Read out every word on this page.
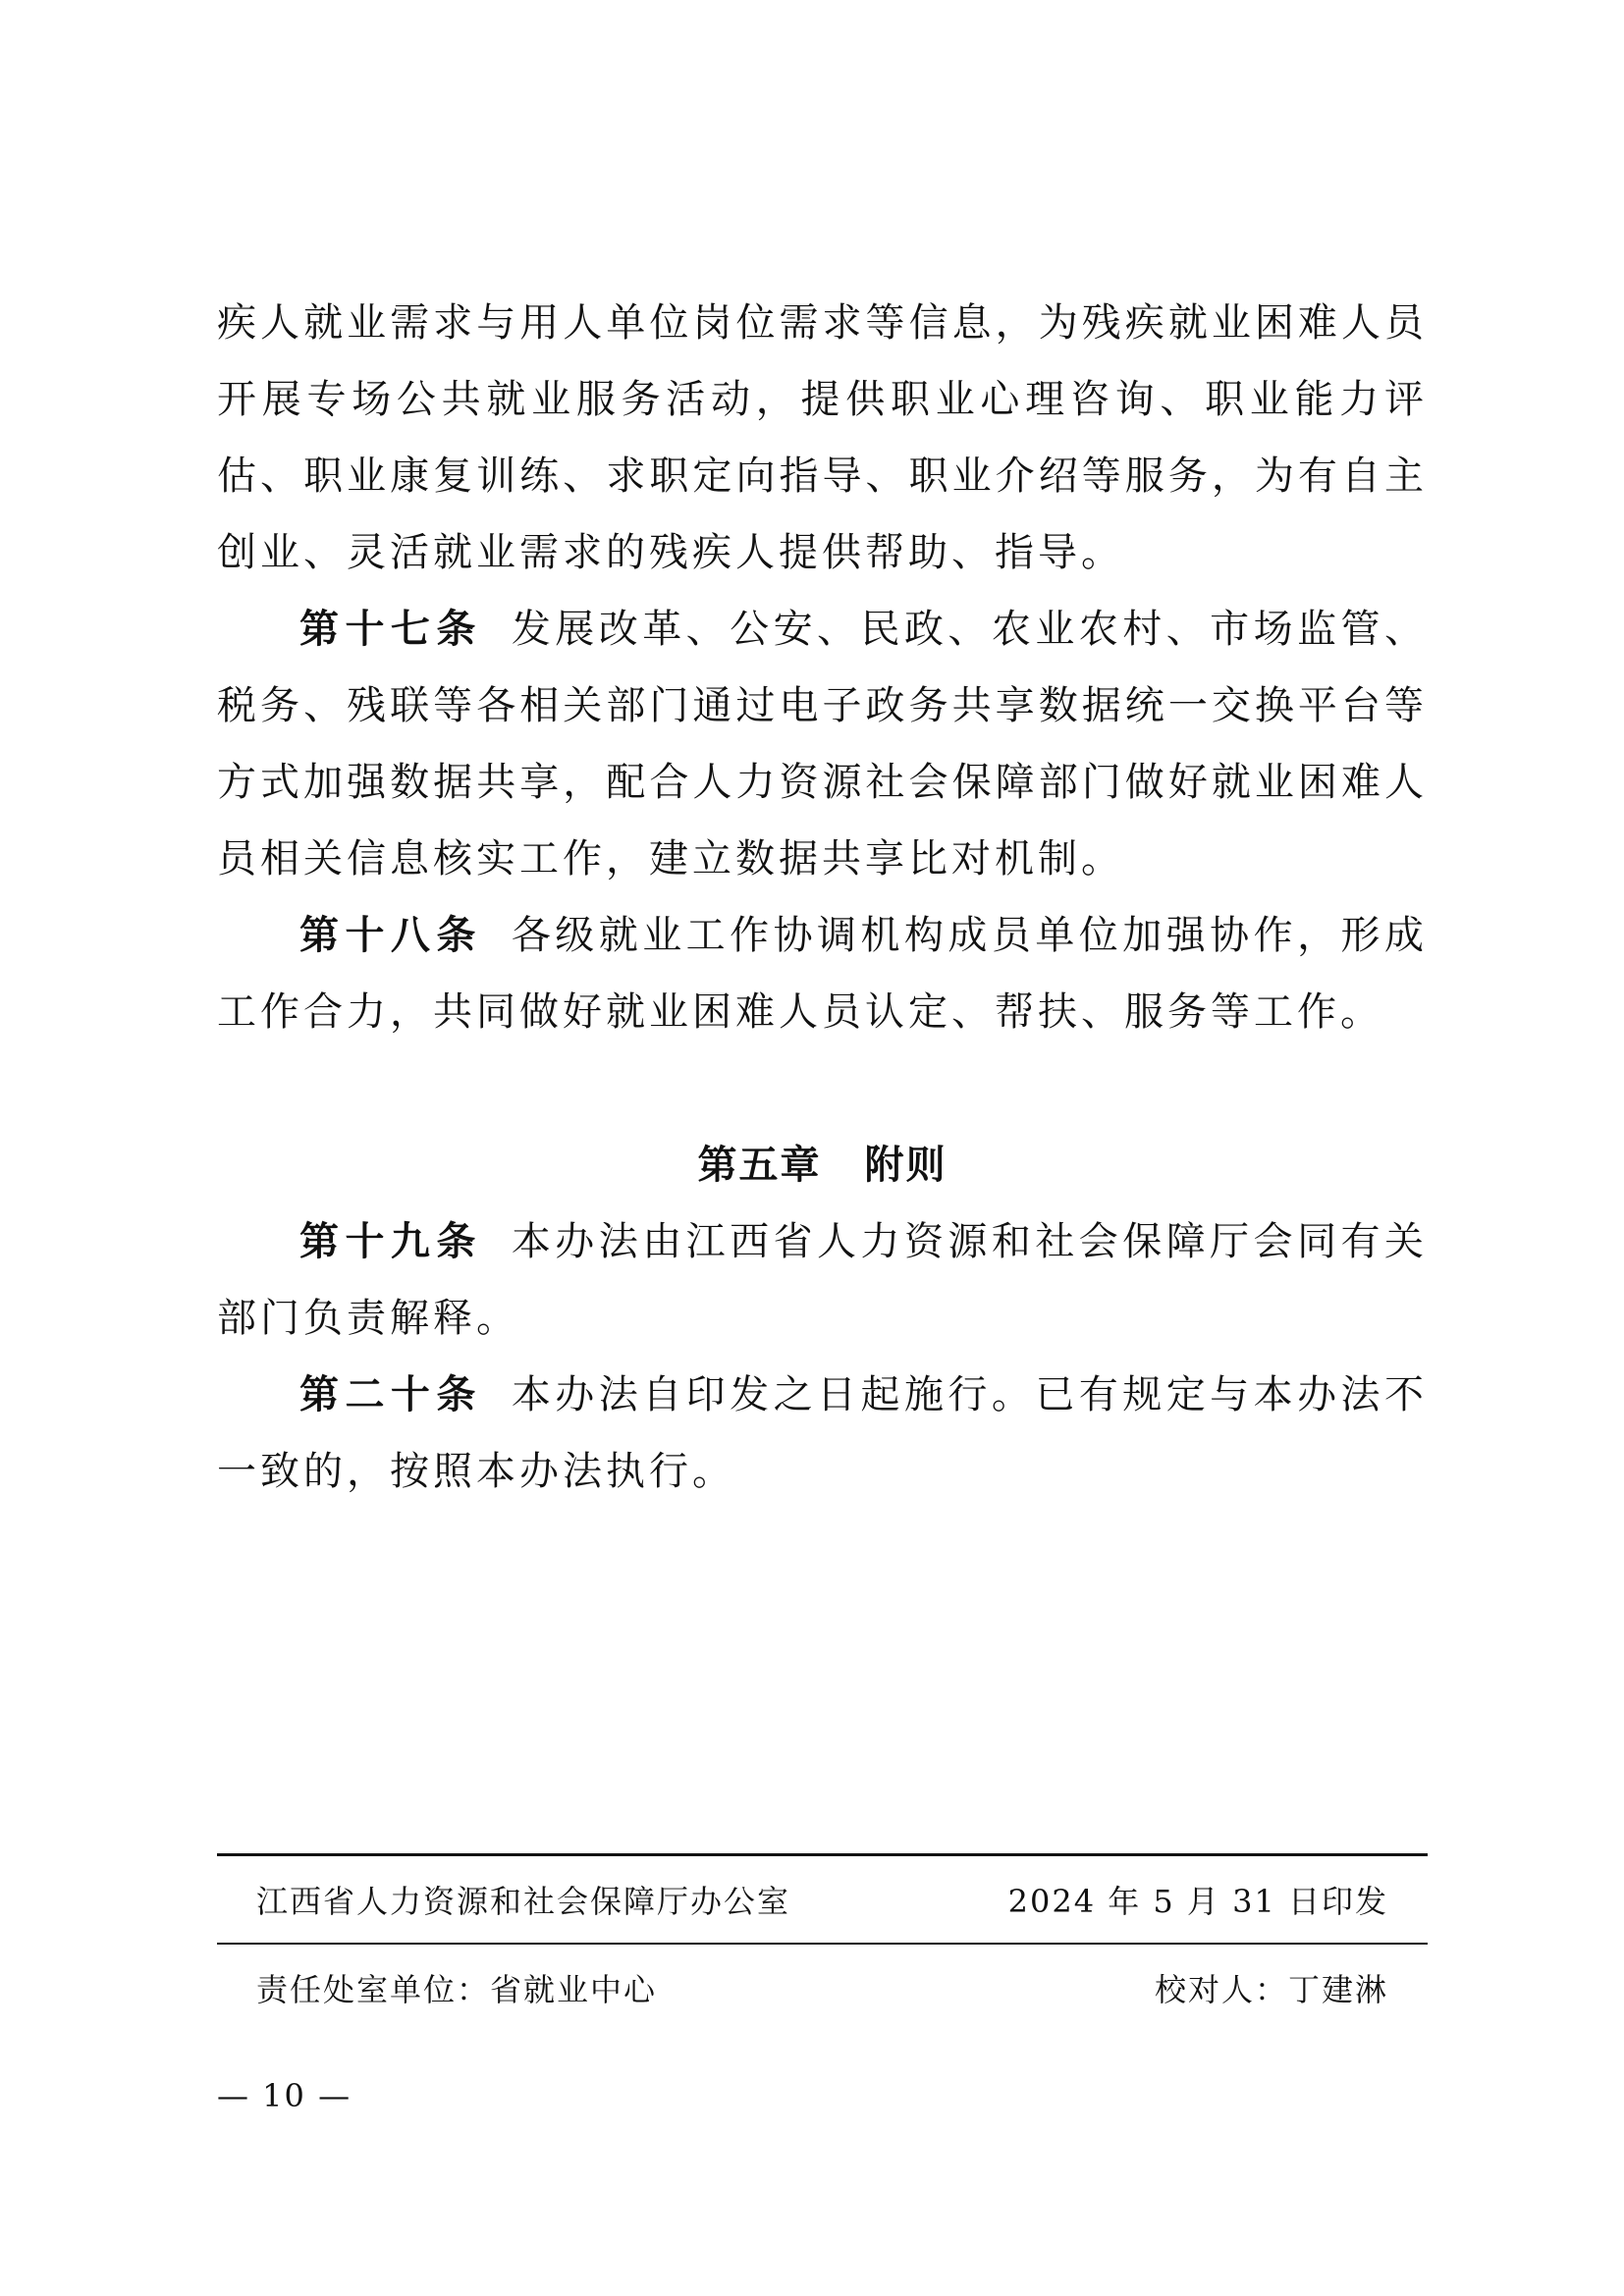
疾人就业需求与用人单位岗位需求等信息，为残疾就业困难人员开展专场公共就业服务活动，提供职业心理咨询、职业能力评估、职业康复训练、求职定向指导、职业介绍等服务，为有自主创业、灵活就业需求的残疾人提供帮助、指导。

第十七条 发展改革、公安、民政、农业农村、市场监管、税务、残联等各相关部门通过电子政务共享数据统一交换平台等方式加强数据共享，配合人力资源社会保障部门做好就业困难人员相关信息核实工作，建立数据共享比对机制。

第十八条 各级就业工作协调机构成员单位加强协作，形成工作合力，共同做好就业困难人员认定、帮扶、服务等工作。

第五章 附则

第十九条 本办法由江西省人力资源和社会保障厅会同有关部门负责解释。

第二十条 本办法自印发之日起施行。已有规定与本办法不一致的，按照本办法执行。

江西省人力资源和社会保障厅办公室	2024 年 5 月 31 日印发
责任处室单位：省就业中心	校对人：丁建淋
— 10 —
